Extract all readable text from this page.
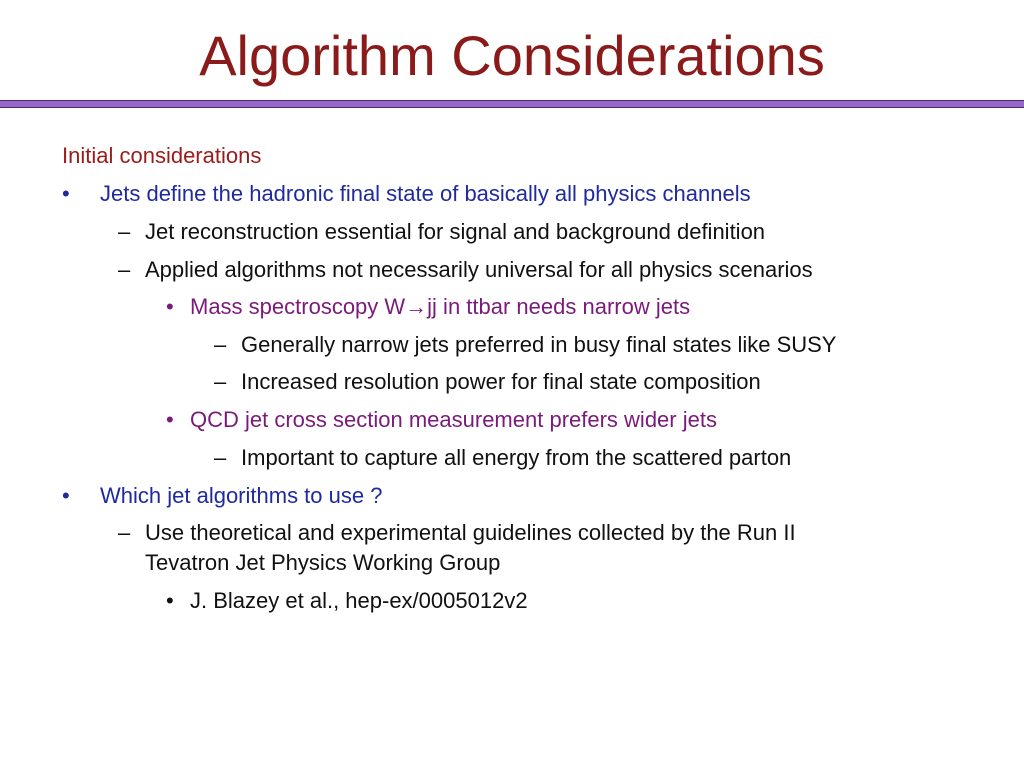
Algorithm Considerations
Initial considerations
• Jets define the hadronic final state of basically all physics channels
– Jet reconstruction essential for signal and background definition
– Applied algorithms not necessarily universal for all physics scenarios
• Mass spectroscopy W→jj in ttbar needs narrow jets
– Generally narrow jets preferred in busy final states like SUSY
– Increased resolution power for final state composition
• QCD jet cross section measurement prefers wider jets
– Important to capture all energy from the scattered parton
• Which jet algorithms to use ?
– Use theoretical and experimental guidelines collected by the Run II
Tevatron Jet Physics Working Group
• J. Blazey et al., hep-ex/0005012v2
